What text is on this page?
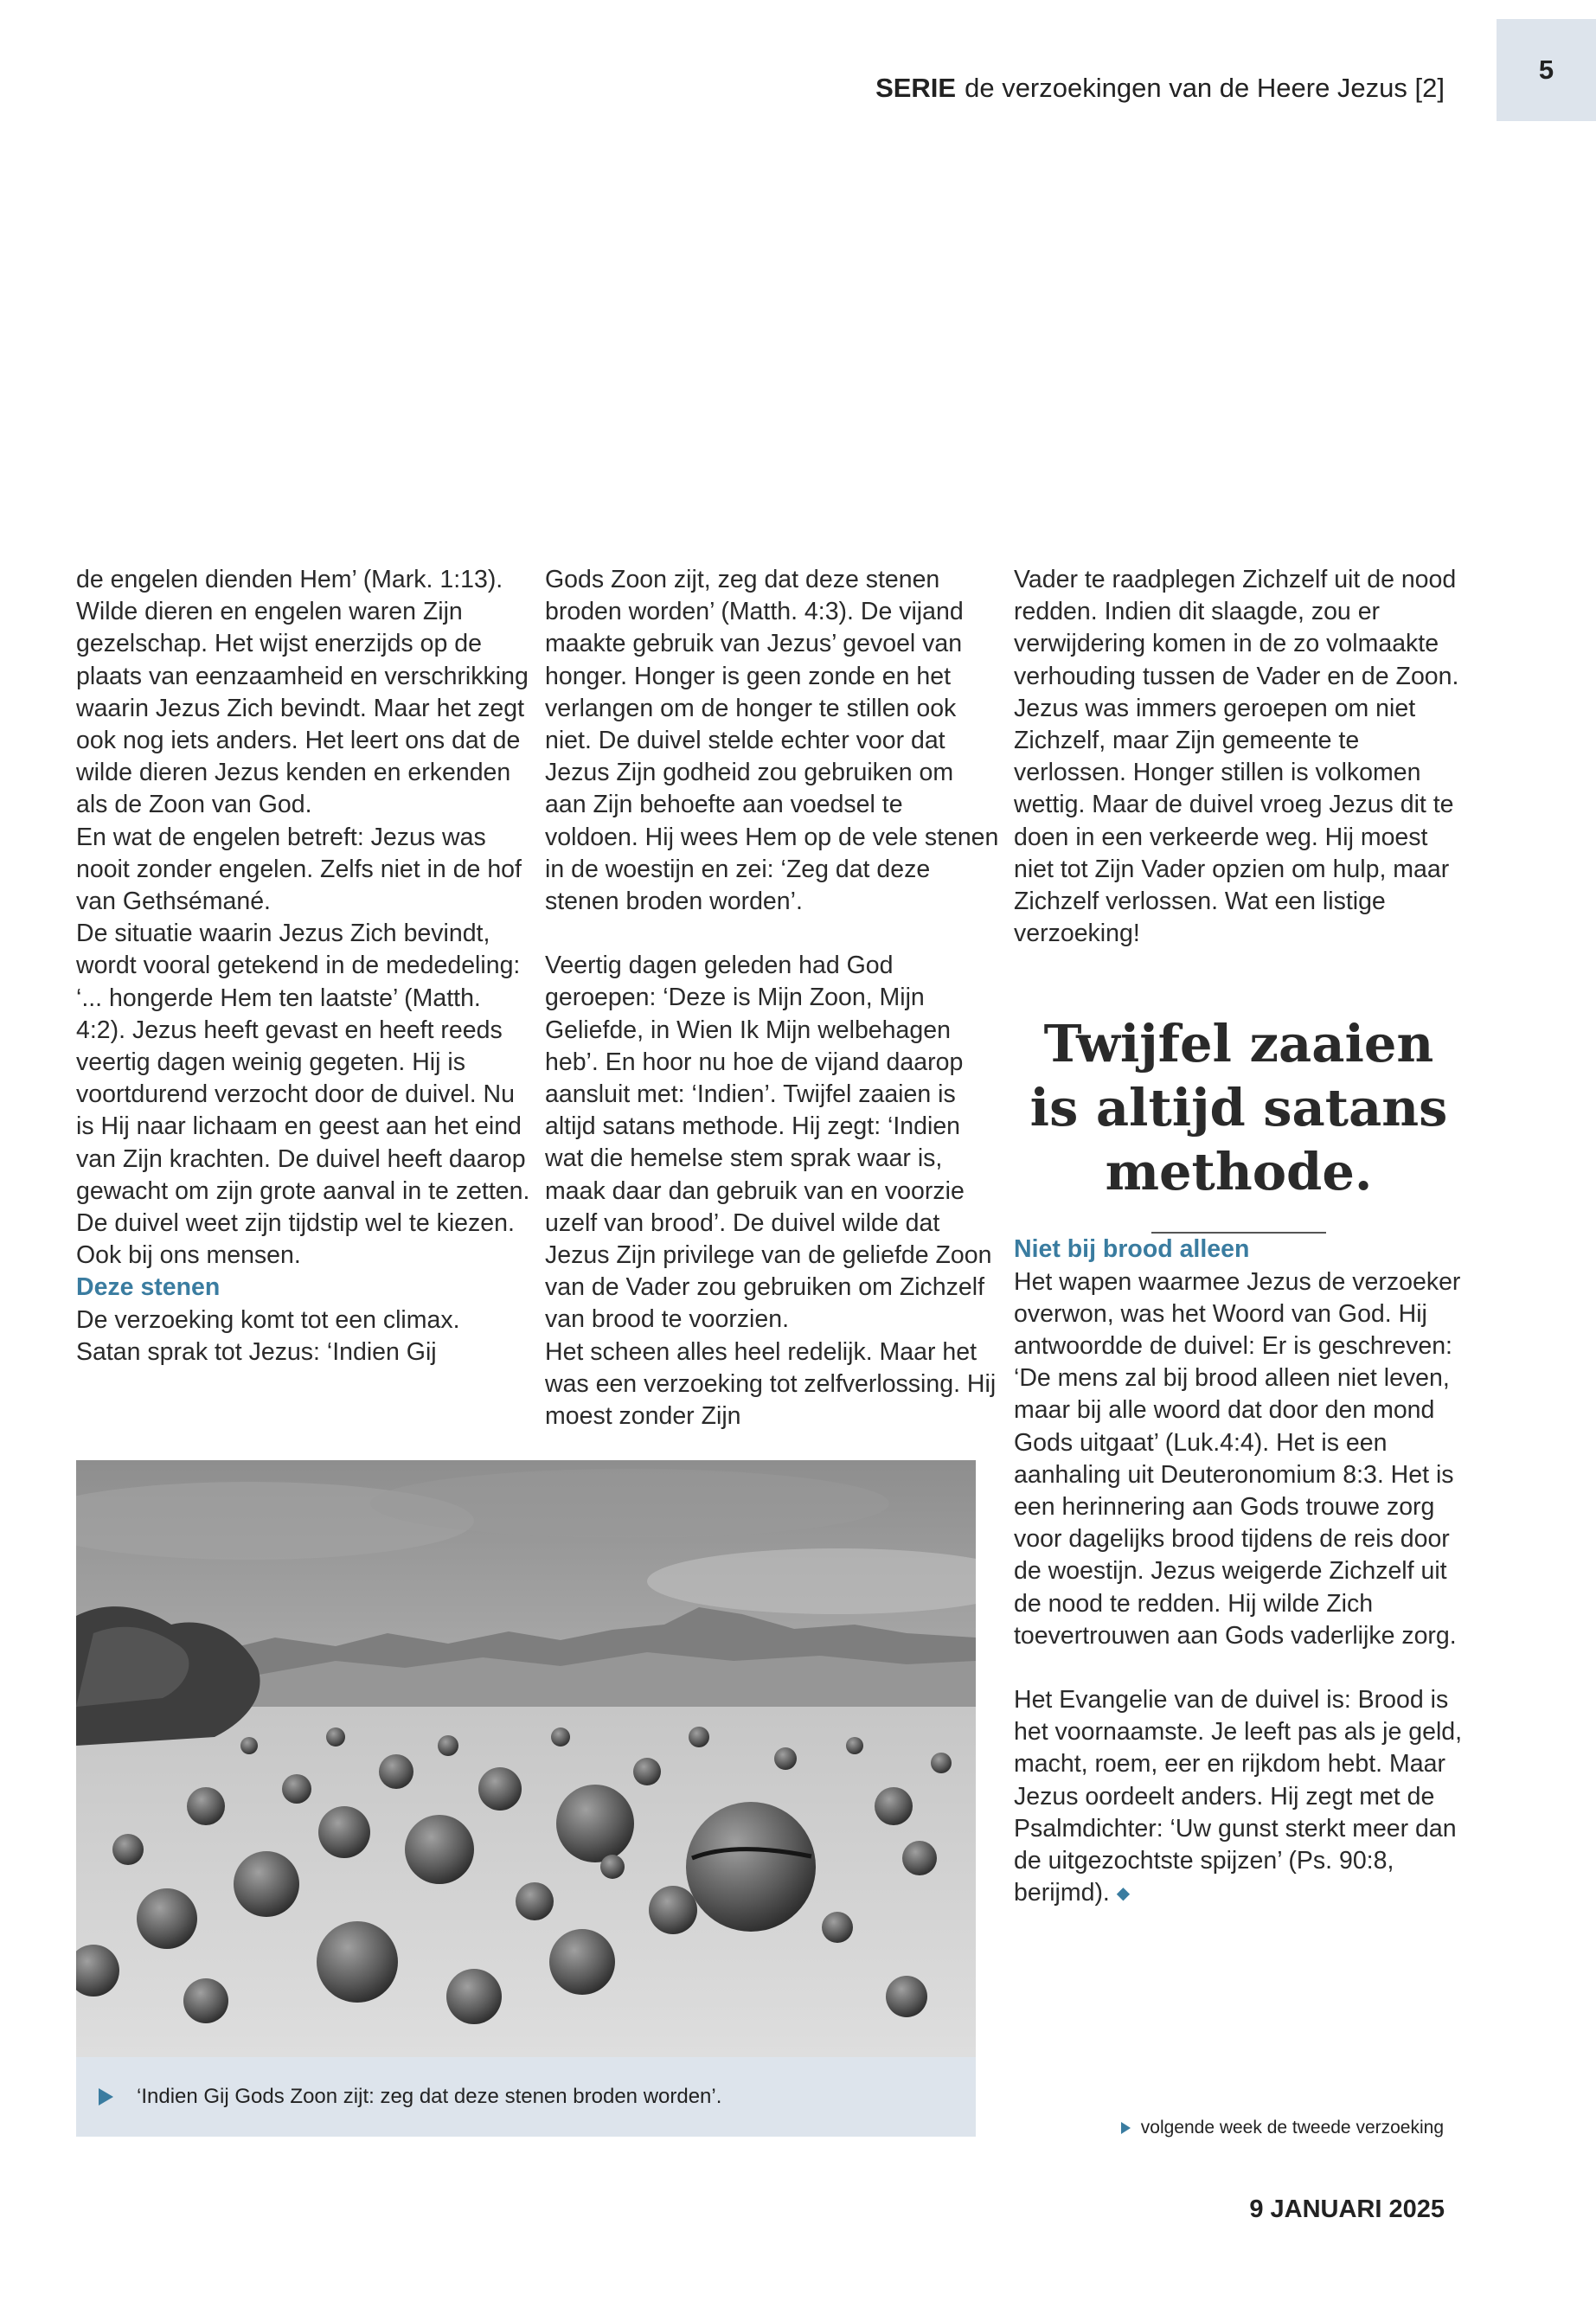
SERIE de verzoekingen van de Heere Jezus [2]
5

de engelen dienden Hem’ (Mark. 1:13). Wilde dieren en engelen waren Zijn gezelschap. Het wijst enerzijds op de plaats van eenzaamheid en verschrikking waarin Jezus Zich bevindt. Maar het zegt ook nog iets anders. Het leert ons dat de wilde dieren Jezus kenden en erkenden als de Zoon van God.

En wat de engelen betreft: Jezus was nooit zonder engelen. Zelfs niet in de hof van Gethsémané.

De situatie waarin Jezus Zich bevindt, wordt vooral getekend in de mededeling: ‘... hongerde Hem ten laatste’ (Matth. 4:2). Jezus heeft gevast en heeft reeds veertig dagen weinig gegeten. Hij is voortdurend verzocht door de duivel. Nu is Hij naar lichaam en geest aan het eind van Zijn krachten. De duivel heeft daarop gewacht om zijn grote aanval in te zetten.

De duivel weet zijn tijdstip wel te kiezen. Ook bij ons mensen.

Deze stenen

De verzoeking komt tot een climax. Satan sprak tot Jezus: ‘Indien Gij

Gods Zoon zijt, zeg dat deze stenen broden worden’ (Matth. 4:3). De vijand maakte gebruik van Jezus’ gevoel van honger. Honger is geen zonde en het verlangen om de honger te stillen ook niet. De duivel stelde echter voor dat Jezus Zijn godheid zou gebruiken om aan Zijn behoefte aan voedsel te voldoen. Hij wees Hem op de vele stenen in de woestijn en zei: ‘Zeg dat deze stenen broden worden’.

Veertig dagen geleden had God geroepen: ‘Deze is Mijn Zoon, Mijn Geliefde, in Wien Ik Mijn welbehagen heb’. En hoor nu hoe de vijand daarop aansluit met: ‘Indien’. Twijfel zaaien is altijd satans methode. Hij zegt: ‘Indien wat die hemelse stem sprak waar is, maak daar dan gebruik van en voorzie uzelf van brood’. De duivel wilde dat Jezus Zijn privilege van de geliefde Zoon van de Vader zou gebruiken om Zichzelf van brood te voorzien.

Het scheen alles heel redelijk. Maar het was een verzoeking tot zelfverlossing. Hij moest zonder Zijn

Vader te raadplegen Zichzelf uit de nood redden. Indien dit slaagde, zou er verwijdering komen in de zo volmaakte verhouding tussen de Vader en de Zoon. Jezus was immers geroepen om niet Zichzelf, maar Zijn gemeente te verlossen. Honger stillen is volkomen wettig. Maar de duivel vroeg Jezus dit te doen in een verkeerde weg. Hij moest niet tot Zijn Vader opzien om hulp, maar Zichzelf verlossen. Wat een listige verzoeking!

Twijfel zaaien is altijd satans methode.

Niet bij brood alleen

Het wapen waarmee Jezus de verzoeker overwon, was het Woord van God. Hij antwoordde de duivel: Er is geschreven: ‘De mens zal bij brood alleen niet leven, maar bij alle woord dat door den mond Gods uitgaat’ (Luk.4:4). Het is een aanhaling uit Deuteronomium 8:3. Het is een herinnering aan Gods trouwe zorg voor dagelijks brood tijdens de reis door de woestijn. Jezus weigerde Zichzelf uit de nood te redden. Hij wilde Zich toevertrouwen aan Gods vaderlijke zorg.

Het Evangelie van de duivel is: Brood is het voornaamste. Je leeft pas als je geld, macht, roem, eer en rijkdom hebt. Maar Jezus oordeelt anders. Hij zegt met de Psalmdichter: ‘Uw gunst sterkt meer dan de uitgezochtste spijzen’ (Ps. 90:8, berijmd). ◆

‘Indien Gij Gods Zoon zijt: zeg dat deze stenen broden worden’.
volgende week de tweede verzoeking
9 JANUARI 2025
